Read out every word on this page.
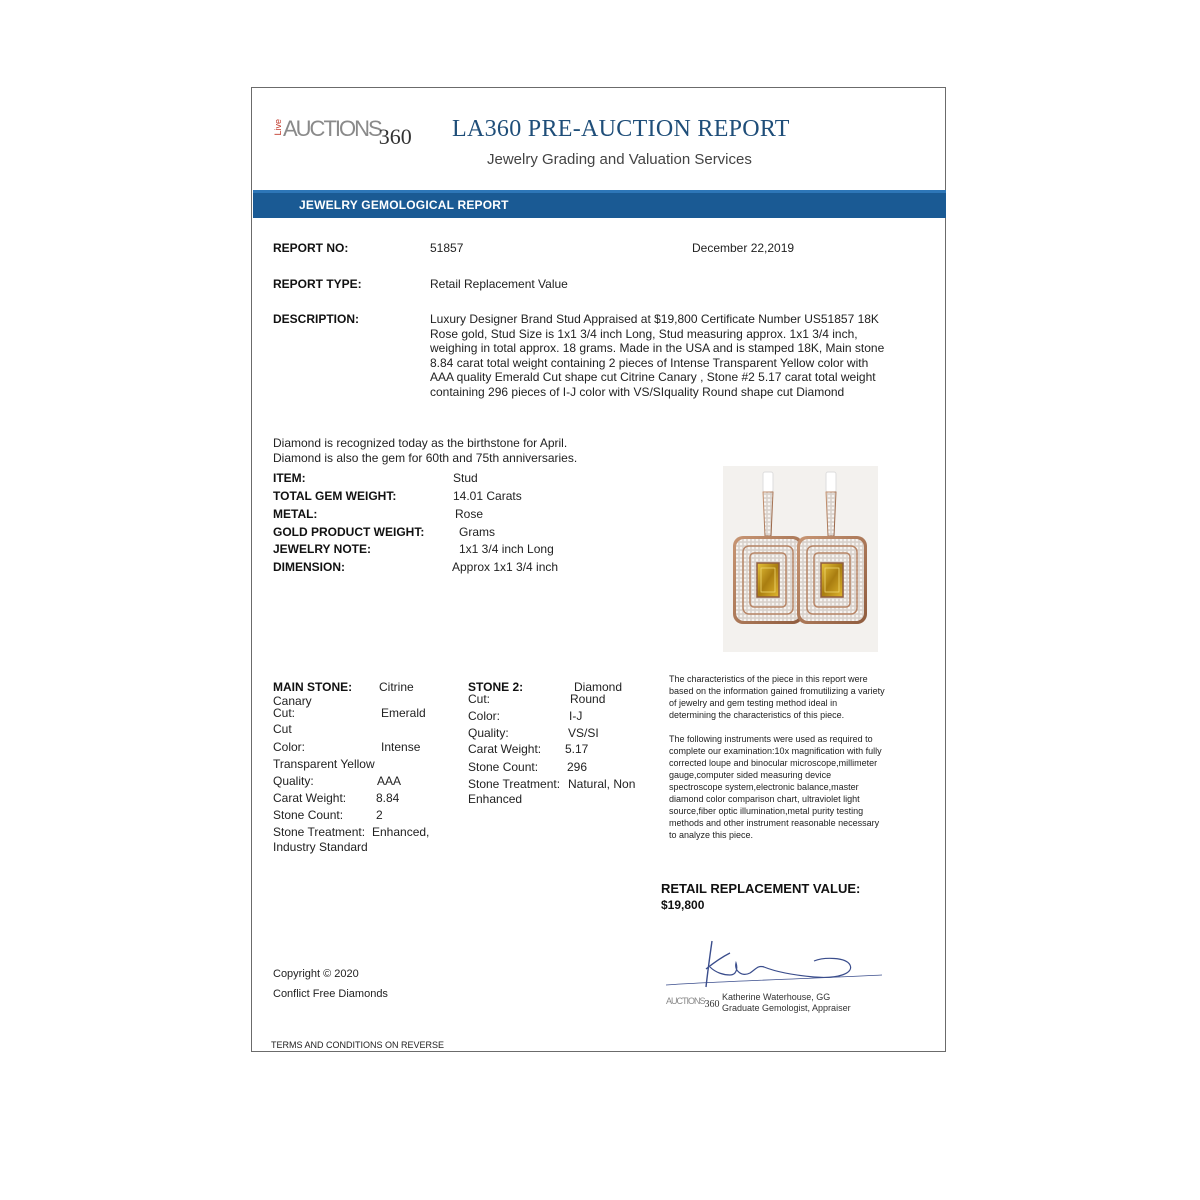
LiveAUCTIONS360 LA360 PRE-AUCTION REPORT
Jewelry Grading and Valuation Services
JEWELRY GEMOLOGICAL REPORT
REPORT NO:	51857	December 22,2019
REPORT TYPE:	Retail Replacement Value
DESCRIPTION:	Luxury Designer Brand Stud Appraised at $19,800 Certificate Number US51857 18K
Rose gold, Stud Size is 1x1 3/4 inch Long, Stud measuring approx. 1x1 3/4 inch,
weighing in total approx. 18 grams. Made in the USA and is stamped 18K, Main stone
8.84 carat total weight containing 2 pieces of Intense Transparent Yellow color with
AAA quality Emerald Cut shape cut Citrine Canary , Stone #2 5.17 carat total weight
containing 296 pieces of I-J color with VS/SIquality Round shape cut Diamond
Diamond is recognized today as the birthstone for April.
Diamond is also the gem for 60th and 75th anniversaries.
ITEM:	Stud
TOTAL GEM WEIGHT:	14.01 Carats
METAL:	Rose
GOLD PRODUCT WEIGHT:	Grams
JEWELRY NOTE:	1x1 3/4 inch Long
DIMENSION:	Approx 1x1 3/4 inch
MAIN STONE: Citrine
Canary
Cut:	Emerald
Cut
Color:	Intense
Transparent Yellow
Quality:	AAA
Carat Weight: 8.84
Stone Count:	2
Stone Treatment: Enhanced,
Industry Standard
STONE 2:	Diamond
Cut:	Round
Color:	I-J
Quality:	VS/SI
Carat Weight: 5.17
Stone Count: 296
Stone Treatment: Natural, Non
Enhanced
The characteristics of the piece in this report were
based on the information gained fromutilizing a variety
of jewelry and gem testing method ideal in
determining the characteristics of this piece.
The following instruments were used as required to
complete our examination:10x magnification with fully
corrected loupe and binocular microscope,millimeter
gauge,computer sided measuring device
spectroscope system,electronic balance,master
diamond color comparison chart, ultraviolet light
source,fiber optic illumination,metal purity testing
methods and other instrument reasonable necessary
to analyze this piece.
RETAIL REPLACEMENT VALUE:
$19,800
AUCTIONS360
Katherine Waterhouse, GG
Graduate Gemologist, Appraiser
Copyright © 2020
Conflict Free Diamonds
TERMS AND CONDITIONS ON REVERSE
